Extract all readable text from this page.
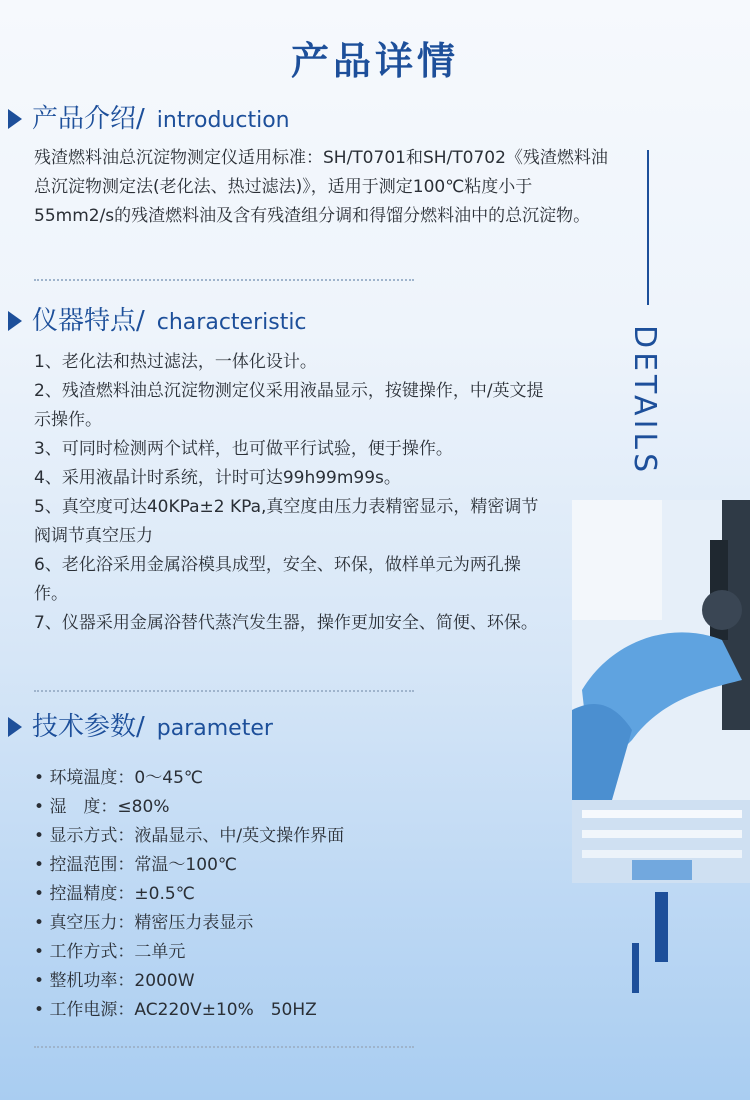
产品详情
产品介绍/ introduction

残渣燃料油总沉淀物测定仪适用标准：SH/T0701和SH/T0702《残渣燃料油总沉淀物测定法(老化法、热过滤法)》，适用于测定100℃粘度小于55mm2/s的残渣燃料油及含有残渣组分调和得馏分燃料油中的总沉淀物。

仪器特点/ characteristic
1、老化法和热过滤法，一体化设计。
2、残渣燃料油总沉淀物测定仪采用液晶显示，按键操作，中/英文提示操作。
3、可同时检测两个试样，也可做平行试验，便于操作。
4、采用液晶计时系统，计时可达99h99m99s。
5、真空度可达40KPa±2 KPa,真空度由压力表精密显示，精密调节阀调节真空压力
6、老化浴采用金属浴模具成型，安全、环保，做样单元为两孔操作。
7、仪器采用金属浴替代蒸汽发生器，操作更加安全、简便、环保。
技术参数/ parameter
• 环境温度：0～45℃
• 湿　度：≤80%
• 显示方式：液晶显示、中/英文操作界面
• 控温范围：常温～100℃
• 控温精度：±0.5℃
• 真空压力：精密压力表显示
• 工作方式：二单元
• 整机功率：2000W
• 工作电源：AC220V±10%　50HZ
DETAILS
